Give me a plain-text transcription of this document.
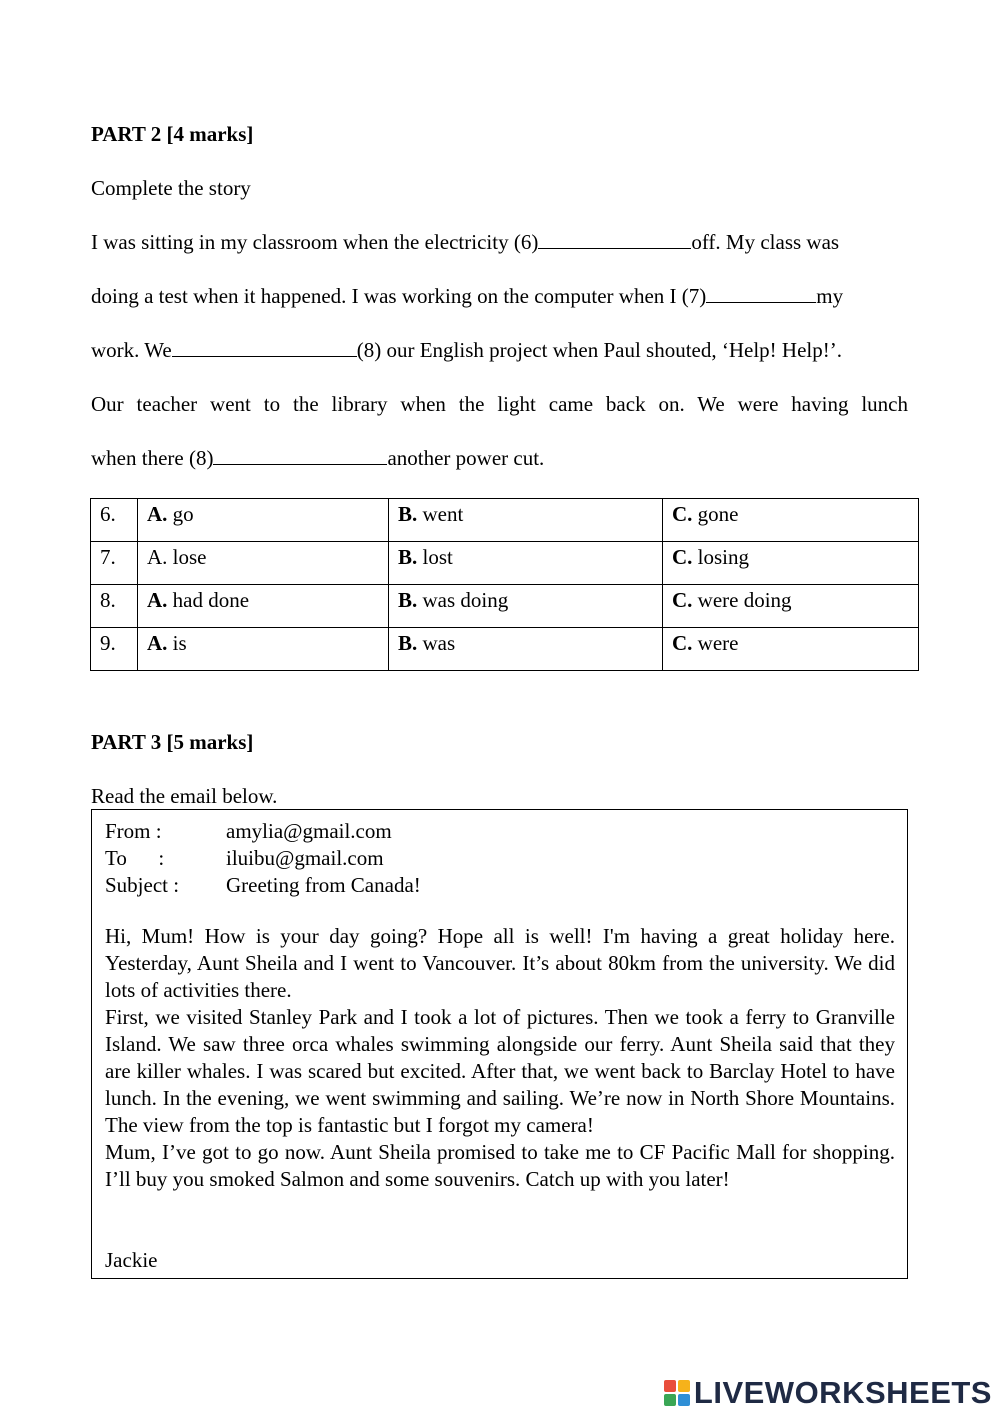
PART 2 [4 marks]
Complete the story
I was sitting in my classroom when the electricity (6)	off. My class was
doing a test when it happened. I was working on the computer when I (7)	my
work. We	(8) our English project when Paul shouted, ‘Help! Help!’.
Our teacher went to the library when the light came back on. We were having lunch
when there (8)	another power cut.
6.	A. go	B. went	C. gone
7.	A. lose	B. lost	C. losing
8.	A. had done	B. was doing	C. were doing
9.	A. is	B. was	C. were
PART 3 [5 marks]
Read the email below.
From :	amylia@gmail.com
To      :	iluibu@gmail.com
Subject : Greeting from Canada!

Hi, Mum! How is your day going? Hope all is well! I'm having a great holiday here. Yesterday, Aunt Sheila and I went to Vancouver. It’s about 80km from the university. We did lots of activities there.

First, we visited Stanley Park and I took a lot of pictures. Then we took a ferry to Granville Island. We saw three orca whales swimming alongside our ferry. Aunt Sheila said that they are killer whales. I was scared but excited. After that, we went back to Barclay Hotel to have lunch. In the evening, we went swimming and sailing. We’re now in North Shore Mountains. The view from the top is fantastic but I forgot my camera!

Mum, I’ve got to go now. Aunt Sheila promised to take me to CF Pacific Mall for shopping. I’ll buy you smoked Salmon and some souvenirs. Catch up with you later!

Jackie
LIVEWORKSHEETS
